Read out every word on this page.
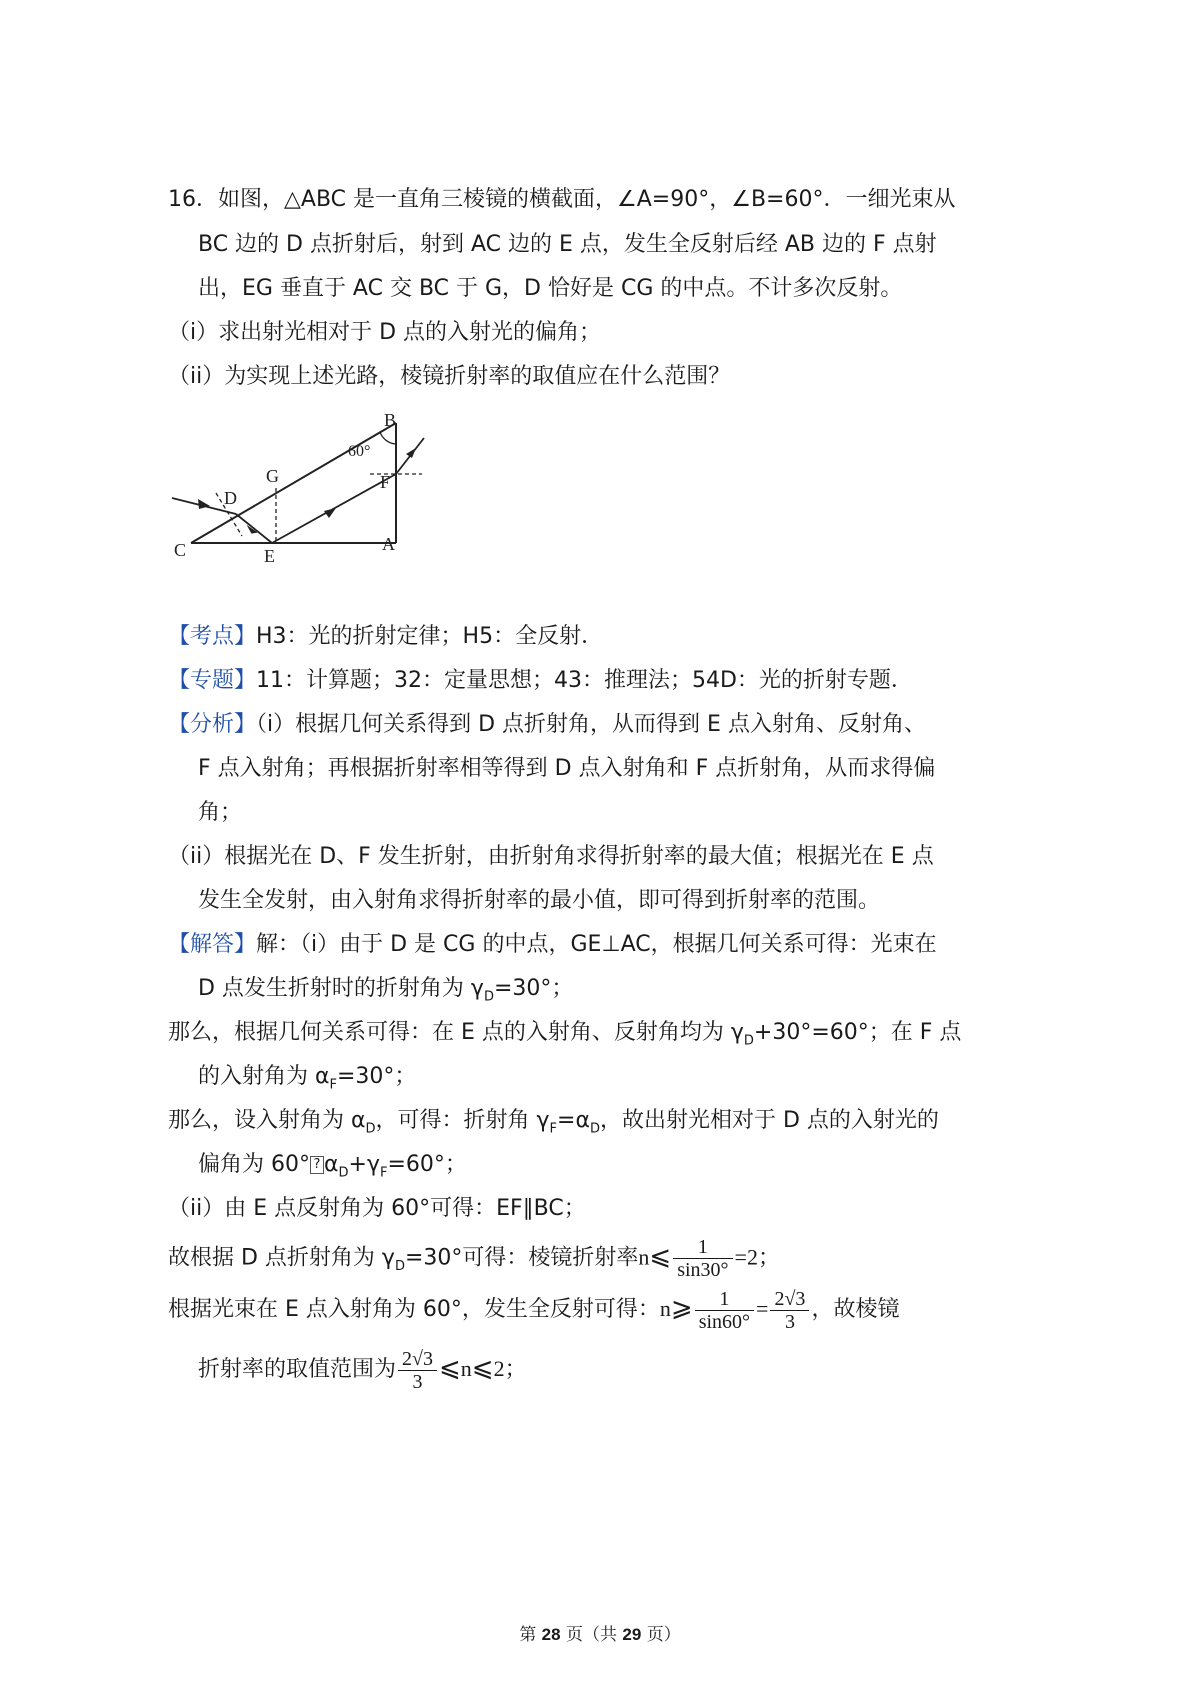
16．如图，△ABC 是一直角三棱镜的横截面，∠A=90°，∠B=60°．一细光束从
BC 边的 D 点折射后，射到 AC 边的 E 点，发生全反射后经 AB 边的 F 点射
出，EG 垂直于 AC 交 BC 于 G，D 恰好是 CG 的中点。不计多次反射。
（i）求出射光相对于 D 点的入射光的偏角；
（ii）为实现上述光路，棱镜折射率的取值应在什么范围？
C	E
A
B
D
G	F
60°
【考点】H3：光的折射定律；H5：全反射．
【专题】11：计算题；32：定量思想；43：推理法；54D：光的折射专题．
【分析】（i）根据几何关系得到 D 点折射角，从而得到 E 点入射角、反射角、
F 点入射角；再根据折射率相等得到 D 点入射角和 F 点折射角，从而求得偏
角；
（ii）根据光在 D、F 发生折射，由折射角求得折射率的最大值；根据光在 E 点
发生全发射，由入射角求得折射率的最小值，即可得到折射率的范围。
【解答】解：（i）由于 D 是 CG 的中点，GE⊥AC，根据几何关系可得：光束在
D 点发生折射时的折射角为 $\gamma_D=30^\circ$；
那么，根据几何关系可得：在 E 点的入射角、反射角均为 $\gamma_D+30^\circ=60^\circ$；在 F 点
的入射角为 $\alpha_F=30^\circ$；
那么，设入射角为 $\alpha_D$，可得：折射角 $\gamma_F=\alpha_D$，故出射光相对于 D 点的入射光的
偏角为 60° ? $\alpha_D+\gamma_F=60^\circ$；
（ii）由 E 点反射角为 60°可得：EF∥BC；
故根据 D 点折射角为 $\gamma_D=30^\circ$可得：棱镜折射率n⩽ $\frac{1}{\sin 30^\circ} =2$；
根据光束在 E 点入射角为 60°，发生全反射可得：n⩾ $\frac{1}{\sin 60^\circ} = \frac{2√3}{3}$ ，故棱镜
折射率的取值范围为 $\frac{2√3}{3}$ ⩽n⩽2；
第 28 页（共 29 页）
